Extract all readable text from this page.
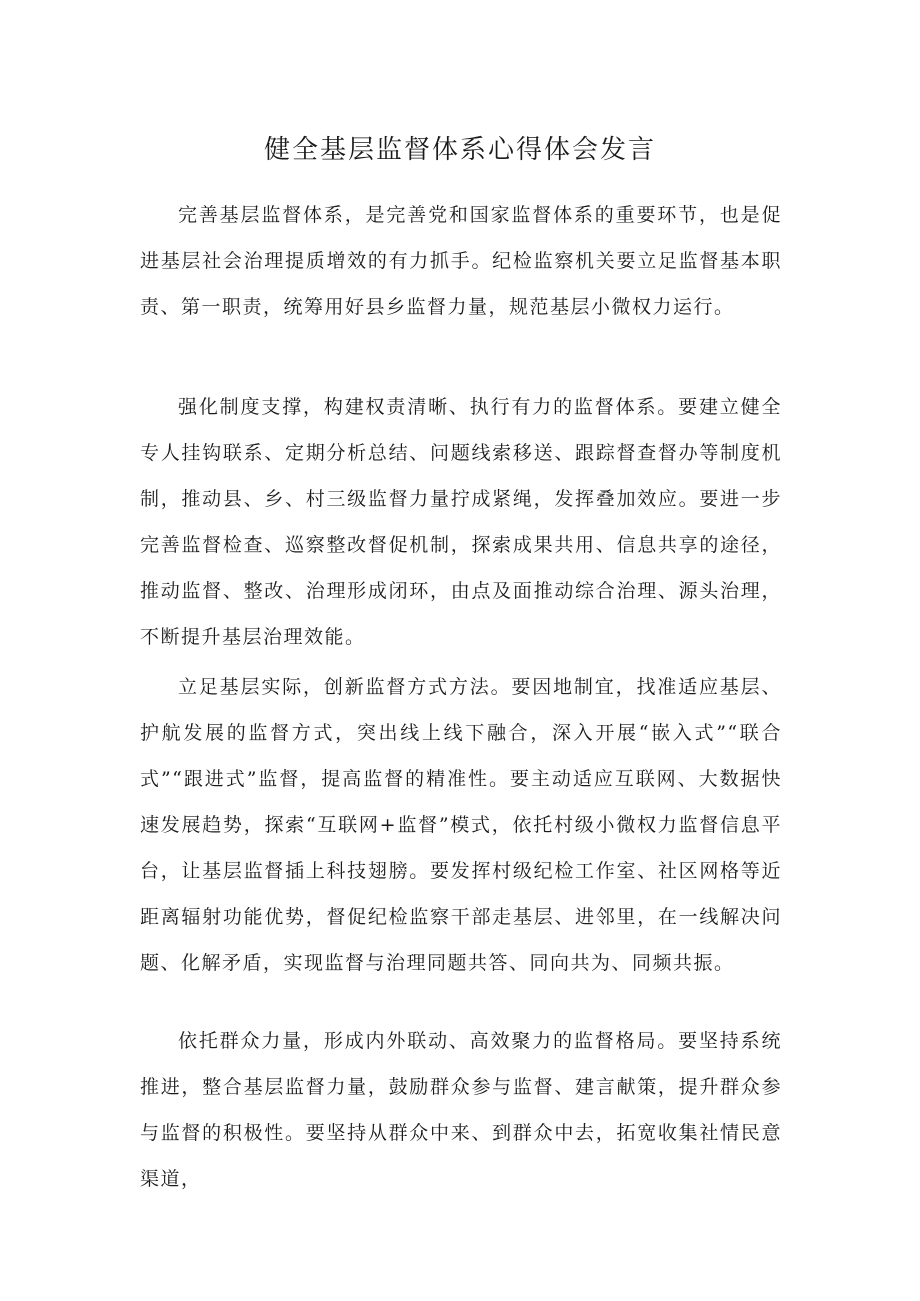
健全基层监督体系心得体会发言

完善基层监督体系，是完善党和国家监督体系的重要环节，也是促进基层社会治理提质增效的有力抓手。纪检监察机关要立足监督基本职责、第一职责，统筹用好县乡监督力量，规范基层小微权力运行。

强化制度支撑，构建权责清晰、执行有力的监督体系。要建立健全专人挂钩联系、定期分析总结、问题线索移送、跟踪督查督办等制度机制，推动县、乡、村三级监督力量拧成紧绳，发挥叠加效应。要进一步完善监督检查、巡察整改督促机制，探索成果共用、信息共享的途径，推动监督、整改、治理形成闭环，由点及面推动综合治理、源头治理，不断提升基层治理效能。

立足基层实际，创新监督方式方法。要因地制宜，找准适应基层、护航发展的监督方式，突出线上线下融合，深入开展“嵌入式”“联合式”“跟进式”监督，提高监督的精准性。要主动适应互联网、大数据快速发展趋势，探索“互联网+监督”模式，依托村级小微权力监督信息平台，让基层监督插上科技翅膀。要发挥村级纪检工作室、社区网格等近距离辐射功能优势，督促纪检监察干部走基层、进邻里，在一线解决问题、化解矛盾，实现监督与治理同题共答、同向共为、同频共振。

依托群众力量，形成内外联动、高效聚力的监督格局。要坚持系统推进，整合基层监督力量，鼓励群众参与监督、建言献策，提升群众参与监督的积极性。要坚持从群众中来、到群众中去，拓宽收集社情民意渠道，
